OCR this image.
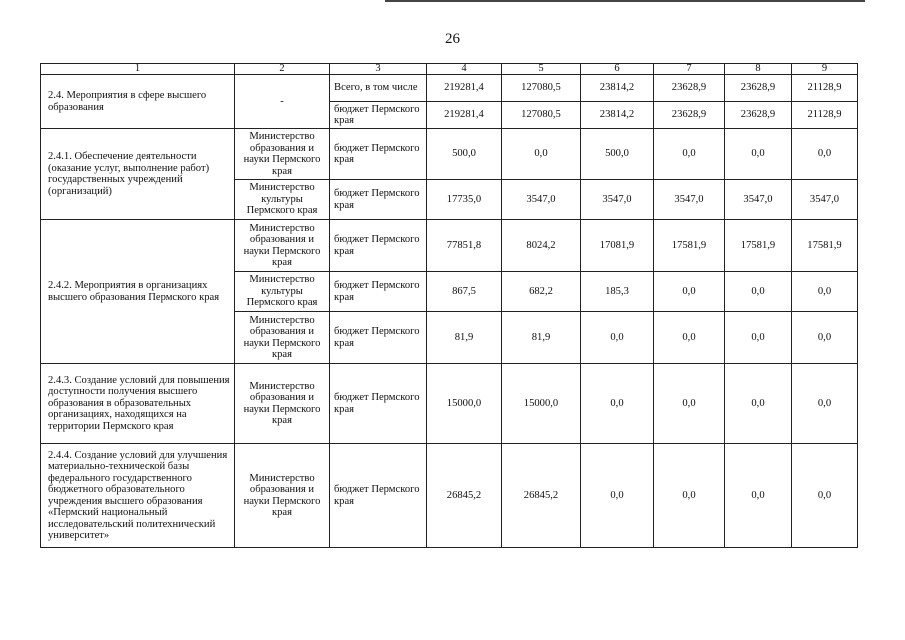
26
1	2	3	4	5	6	7	8	9
2.4. Мероприятия в сфере высшего образования	-	Всего, в том числе	219281,4	127080,5	23814,2	23628,9	23628,9	21128,9
		бюджет Пермского края	219281,4	127080,5	23814,2	23628,9	23628,9	21128,9
2.4.1. Обеспечение деятельности (оказание услуг, выполнение работ) государственных учреждений (организаций)	Министерство образования и науки Пермского края	бюджет Пермского края	500,0	0,0	500,0	0,0	0,0	0,0
	Министерство культуры Пермского края	бюджет Пермского края	17735,0	3547,0	3547,0	3547,0	3547,0	3547,0
2.4.2. Мероприятия в организациях высшего образования Пермского края	Министерство образования и науки Пермского края	бюджет Пермского края	77851,8	8024,2	17081,9	17581,9	17581,9	17581,9
	Министерство культуры Пермского края	бюджет Пермского края	867,5	682,2	185,3	0,0	0,0	0,0
	Министерство образования и науки Пермского края	бюджет Пермского края	81,9	81,9	0,0	0,0	0,0	0,0
2.4.3. Создание условий для повышения доступности получения высшего образования в образовательных организациях, находящихся на территории Пермского края	Министерство образования и науки Пермского края	бюджет Пермского края	15000,0	15000,0	0,0	0,0	0,0	0,0
2.4.4. Создание условий для улучшения материально-технической базы федерального государственного бюджетного образовательного учреждения высшего образования «Пермский национальный исследовательский политехнический университет»	Министерство образования и науки Пермского края	бюджет Пермского края	26845,2	26845,2	0,0	0,0	0,0	0,0
